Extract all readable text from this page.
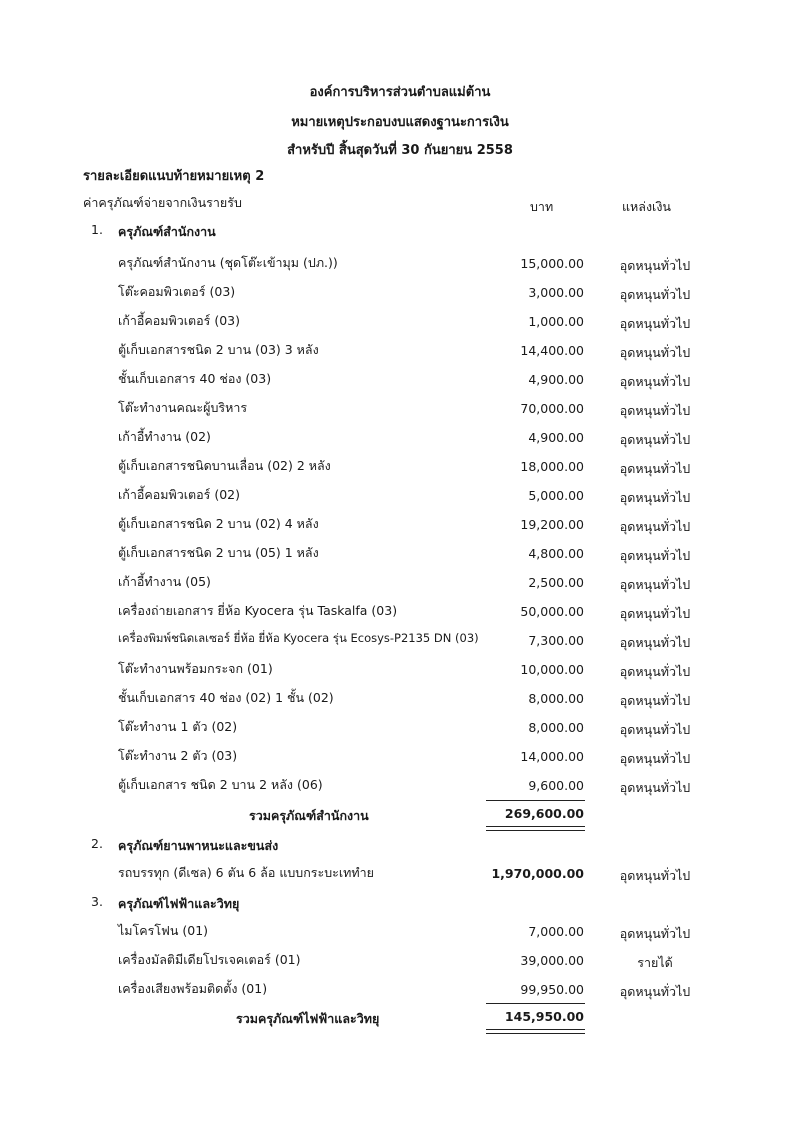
องค์การบริหารส่วนตำบลแม่ต้าน
หมายเหตุประกอบงบแสดงฐานะการเงิน
สำหรับปี สิ้นสุดวันที่ 30 กันยายน 2558
รายละเอียดแนบท้ายหมายเหตุ 2
ค่าครุภัณฑ์จ่ายจากเงินรายรับ	บาท	แหล่งเงิน
1. ครุภัณฑ์สำนักงาน
ครุภัณฑ์สำนักงาน (ชุดโต๊ะเข้ามุม (ปภ.))	15,000.00	อุดหนุนทั่วไป
โต๊ะคอมพิวเตอร์ (03)	3,000.00	อุดหนุนทั่วไป
เก้าอี้คอมพิวเตอร์ (03)	1,000.00	อุดหนุนทั่วไป
ตู้เก็บเอกสารชนิด 2 บาน (03) 3 หลัง	14,400.00	อุดหนุนทั่วไป
ชั้นเก็บเอกสาร 40 ช่อง (03)	4,900.00	อุดหนุนทั่วไป
โต๊ะทำงานคณะผู้บริหาร	70,000.00	อุดหนุนทั่วไป
เก้าอี้ทำงาน (02)	4,900.00	อุดหนุนทั่วไป
ตู้เก็บเอกสารชนิดบานเลื่อน (02) 2 หลัง	18,000.00	อุดหนุนทั่วไป
เก้าอี้คอมพิวเตอร์ (02)	5,000.00	อุดหนุนทั่วไป
ตู้เก็บเอกสารชนิด 2 บาน (02) 4 หลัง	19,200.00	อุดหนุนทั่วไป
ตู้เก็บเอกสารชนิด 2 บาน (05) 1 หลัง	4,800.00	อุดหนุนทั่วไป
เก้าอี้ทำงาน (05)	2,500.00	อุดหนุนทั่วไป
เครื่องถ่ายเอกสาร ยี่ห้อ Kyocera รุ่น Taskalfa (03)	50,000.00	อุดหนุนทั่วไป
เครื่องพิมพ์ชนิดเลเซอร์ ยี่ห้อ ยี่ห้อ Kyocera รุ่น Ecosys-P2135 DN (03)	7,300.00	อุดหนุนทั่วไป
โต๊ะทำงานพร้อมกระจก (01)	10,000.00	อุดหนุนทั่วไป
ชั้นเก็บเอกสาร 40 ช่อง (02) 1 ชั้น (02)	8,000.00	อุดหนุนทั่วไป
โต๊ะทำงาน 1 ตัว (02)	8,000.00	อุดหนุนทั่วไป
โต๊ะทำงาน 2 ตัว (03)	14,000.00	อุดหนุนทั่วไป
ตู้เก็บเอกสาร ชนิด 2 บาน 2 หลัง (06)	9,600.00	อุดหนุนทั่วไป
รวมครุภัณฑ์สำนักงาน	269,600.00
2. ครุภัณฑ์ยานพาหนะและขนส่ง
รถบรรทุก (ดีเซล) 6 ตัน 6 ล้อ แบบกระบะเททำย	1,970,000.00	อุดหนุนทั่วไป
3. ครุภัณฑ์ไฟฟ้าและวิทยุ
ไมโครโฟน (01)	7,000.00	อุดหนุนทั่วไป
เครื่องมัลติมีเดียโปรเจคเตอร์ (01)	39,000.00	รายได้
เครื่องเสียงพร้อมติดตั้ง (01)	99,950.00	อุดหนุนทั่วไป
รวมครุภัณฑ์ไฟฟ้าและวิทยุ	145,950.00
